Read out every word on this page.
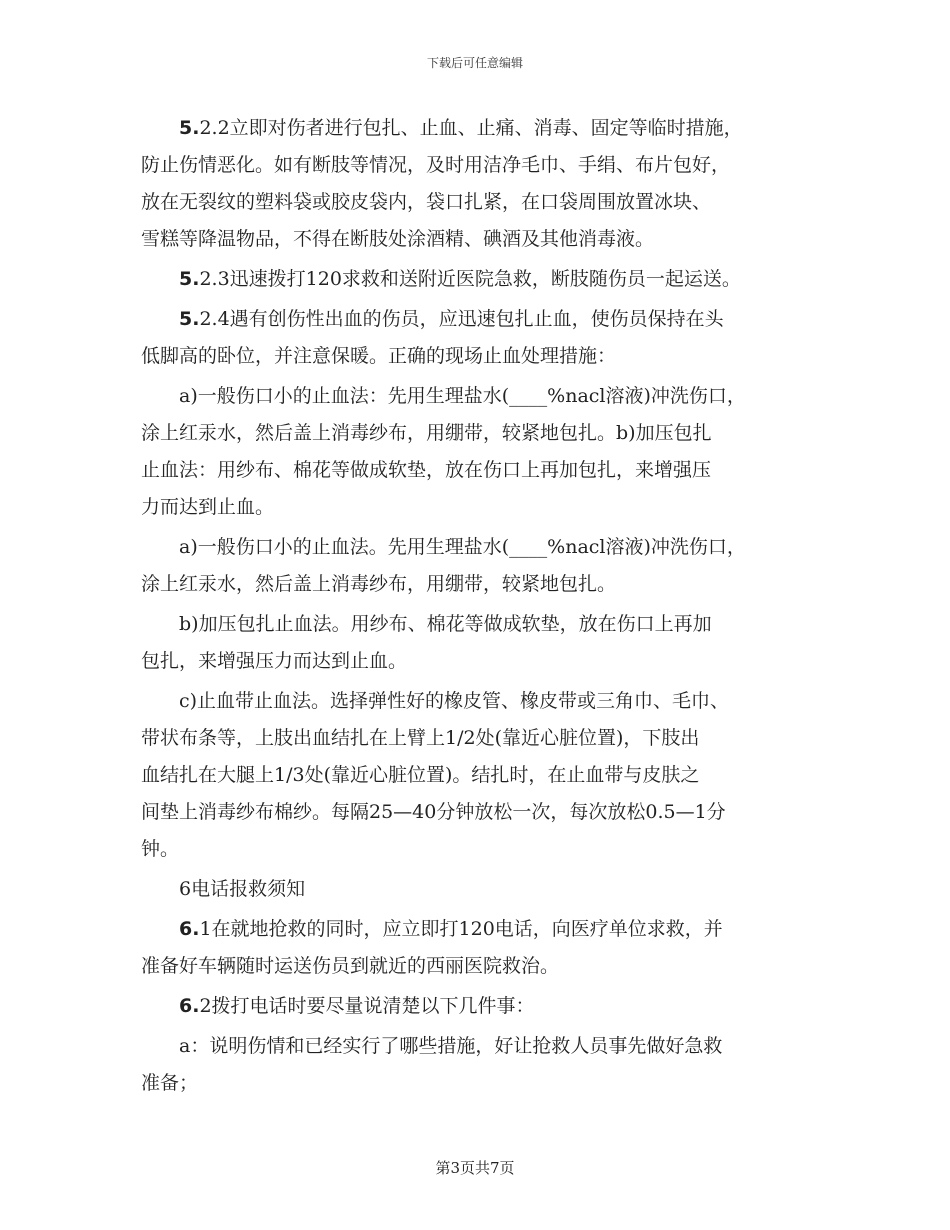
下载后可任意编辑
5.2.2立即对伤者进行包扎、止血、止痛、消毒、固定等临时措施，
防止伤情恶化。如有断肢等情况，及时用洁净毛巾、手绢、布片包好，
放在无裂纹的塑料袋或胶皮袋内，袋口扎紧，在口袋周围放置冰块、
雪糕等降温物品，不得在断肢处涂酒精、碘酒及其他消毒液。
5.2.3迅速拨打120求救和送附近医院急救，断肢随伤员一起运送。
5.2.4遇有创伤性出血的伤员，应迅速包扎止血，使伤员保持在头
低脚高的卧位，并注意保暖。正确的现场止血处理措施：
a)一般伤口小的止血法：先用生理盐水(____%nacl溶液)冲洗伤口，
涂上红汞水，然后盖上消毒纱布，用绷带，较紧地包扎。b)加压包扎
止血法：用纱布、棉花等做成软垫，放在伤口上再加包扎，来增强压
力而达到止血。
a)一般伤口小的止血法。先用生理盐水(____%nacl溶液)冲洗伤口，
涂上红汞水，然后盖上消毒纱布，用绷带，较紧地包扎。
b)加压包扎止血法。用纱布、棉花等做成软垫，放在伤口上再加
包扎，来增强压力而达到止血。
c)止血带止血法。选择弹性好的橡皮管、橡皮带或三角巾、毛巾、
带状布条等，上肢出血结扎在上臂上1/2处(靠近心脏位置)，下肢出
血结扎在大腿上1/3处(靠近心脏位置)。结扎时，在止血带与皮肤之
间垫上消毒纱布棉纱。每隔25—40分钟放松一次，每次放松0.5—1分
钟。
6电话报救须知
6.1在就地抢救的同时，应立即打120电话，向医疗单位求救，并
准备好车辆随时运送伤员到就近的西丽医院救治。
6.2拨打电话时要尽量说清楚以下几件事：
a：说明伤情和已经实行了哪些措施，好让抢救人员事先做好急救
准备；
第3页共7页
